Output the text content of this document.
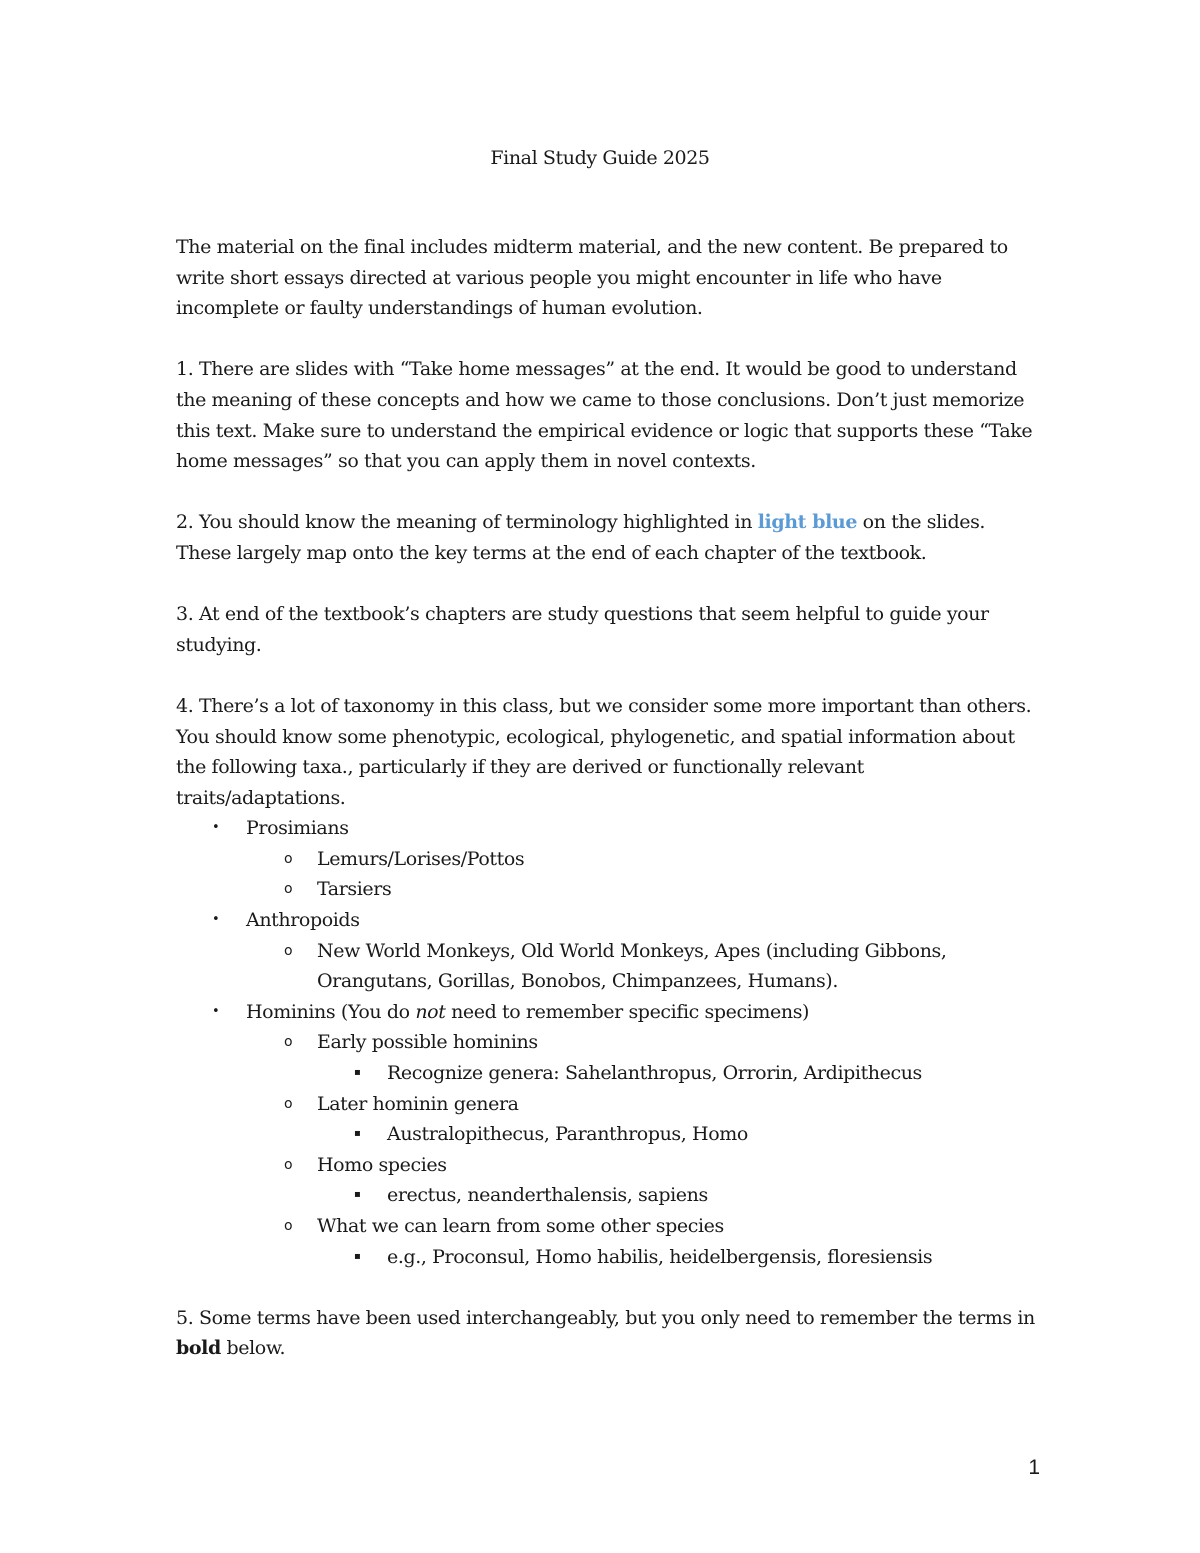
Final Study Guide 2025

The material on the final includes midterm material, and the new content. Be prepared to write short essays directed at various people you might encounter in life who have incomplete or faulty understandings of human evolution.

1. There are slides with “Take home messages” at the end. It would be good to understand the meaning of these concepts and how we came to those conclusions. Don’t just memorize this text. Make sure to understand the empirical evidence or logic that supports these “Take home messages” so that you can apply them in novel contexts.

2. You should know the meaning of terminology highlighted in light blue on the slides. These largely map onto the key terms at the end of each chapter of the textbook.

3. At end of the textbook’s chapters are study questions that seem helpful to guide your studying.

4. There’s a lot of taxonomy in this class, but we consider some more important than others. You should know some phenotypic, ecological, phylogenetic, and spatial information about the following taxa., particularly if they are derived or functionally relevant traits/adaptations.

• Prosimians
o Lemurs/Lorises/Pottos
o Tarsiers
• Anthropoids
o New World Monkeys, Old World Monkeys, Apes (including Gibbons, Orangutans, Gorillas, Bonobos, Chimpanzees, Humans).
• Hominins (You do not need to remember specific specimens)
o Early possible hominins
▪ Recognize genera: Sahelanthropus, Orrorin, Ardipithecus
o Later hominin genera
▪ Australopithecus, Paranthropus, Homo
o Homo species
▪ erectus, neanderthalensis, sapiens
o What we can learn from some other species
▪ e.g., Proconsul, Homo habilis, heidelbergensis, floresiensis

5. Some terms have been used interchangeably, but you only need to remember the terms in bold below.

1
